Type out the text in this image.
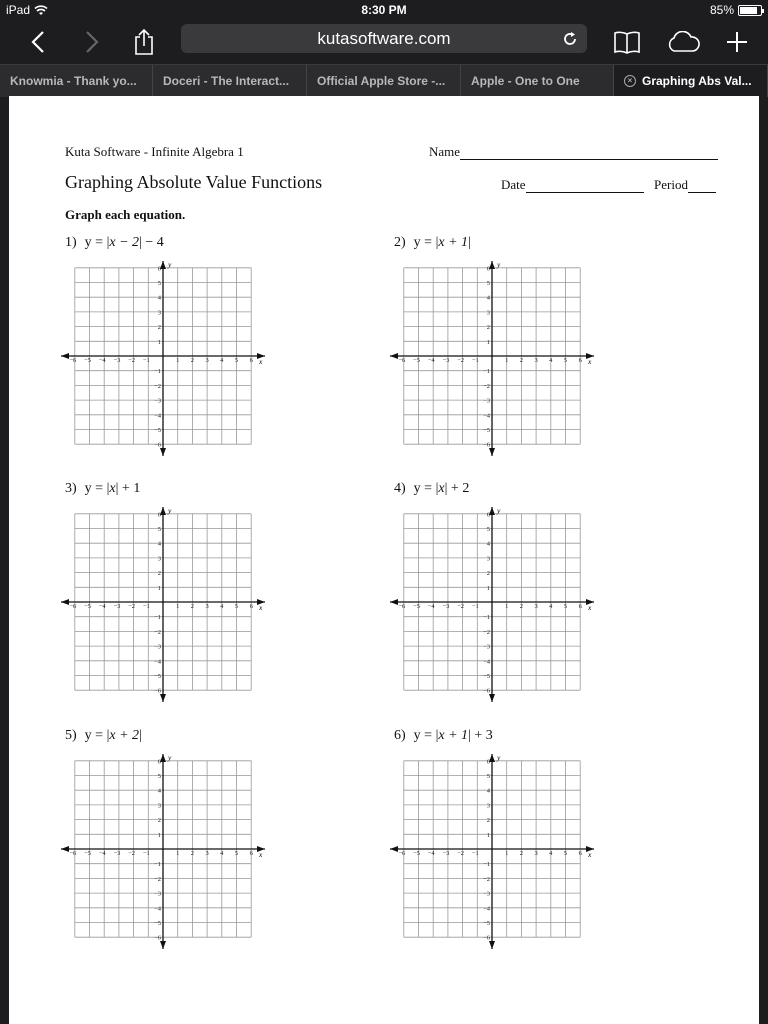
iPad	8:30 PM	85%
kutasoftware.com
Knowmia - Thank yo...	Doceri - The Interact...	Official Apple Store -...	Apple - One to One	× Graphing Abs Val...
Kuta Software - Infinite Algebra 1	Name
Graphing Absolute Value Functions	Date	Period
Graph each equation.
1) y = |x − 2| − 4
−6 −5 −4 −3 −2 −1	1 2 3 4 5 6
6
5
4
3
2
1
−1
−2
−3
−4
−5
−6
x
y
2) y = |x + 1|
−6 −5 −4 −3 −2 −1	1 2 3 4 5 6
6
5
4
3
2
1
−1
−2
−3
−4
−5
−6
x
y
3) y = |x| + 1
−6 −5 −4 −3 −2 −1	1 2 3 4 5 6
6
5
4
3
2
1
−1
−2
−3
−4
−5
−6
x
y
4) y = |x| + 2
−6 −5 −4 −3 −2 −1	1 2 3 4 5 6
6
5
4
3
2
1
−1
−2
−3
−4
−5
−6
x
y
5) y = |x + 2|
−6 −5 −4 −3 −2 −1	1 2 3 4 5 6
6
5
4
3
2
1
−1
−2
−3
−4
−5
−6
x
y
6) y = |x + 1| + 3
−6 −5 −4 −3 −2 −1	1 2 3 4 5 6
6
5
4
3
2
1
−1
−2
−3
−4
−5
−6
x
y
